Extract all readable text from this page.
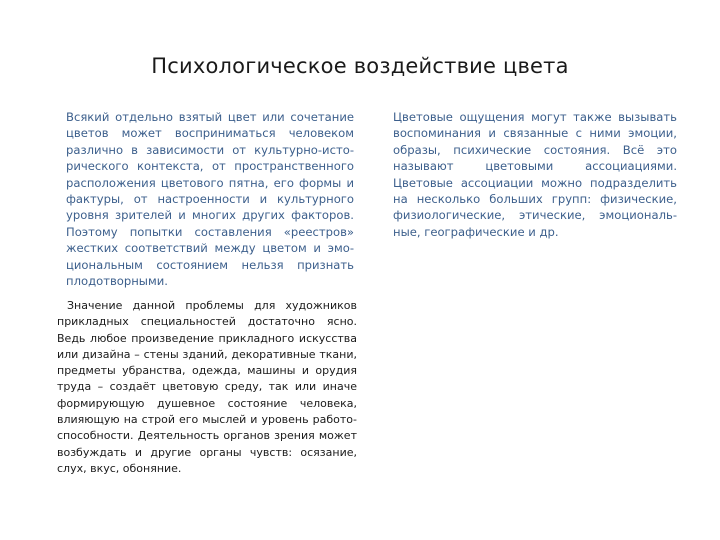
Психологическое воздействие цвета
Всякий отдельно взятый цвет или сочетание цветов может восприниматься человеком различно в зависимости от культурно-исторического контекста, от пространственного расположения цветового пятна, его формы и фактуры, от настроенности и культурного уровня зрителей и многих других факторов. Поэтому попытки составления «реестров» жестких соответствий между цветом и эмоциональным состоянием нельзя признать плодотворными.
Значение данной проблемы для художников прикладных специальностей достаточно ясно. Ведь любое произведение прикладного искусства или дизайна – стены зданий, декоративные ткани, предметы убранства, одежда, машины и орудия труда – создаёт цветовую среду, так или иначе формирующую душевное состояние человека, влияющую на строй его мыслей и уровень работоспособности. Деятельность органов зрения может возбуждать и другие органы чувств: осязание, слух, вкус, обоняние.
Цветовые ощущения могут также вызывать воспоминания и связанные с ними эмоции, образы, психические состояния. Всё это называют цветовыми ассоциациями. Цветовые ассоциации можно подразделить на несколько больших групп: физические, физиологические, этические, эмоциональные, географические и др.
